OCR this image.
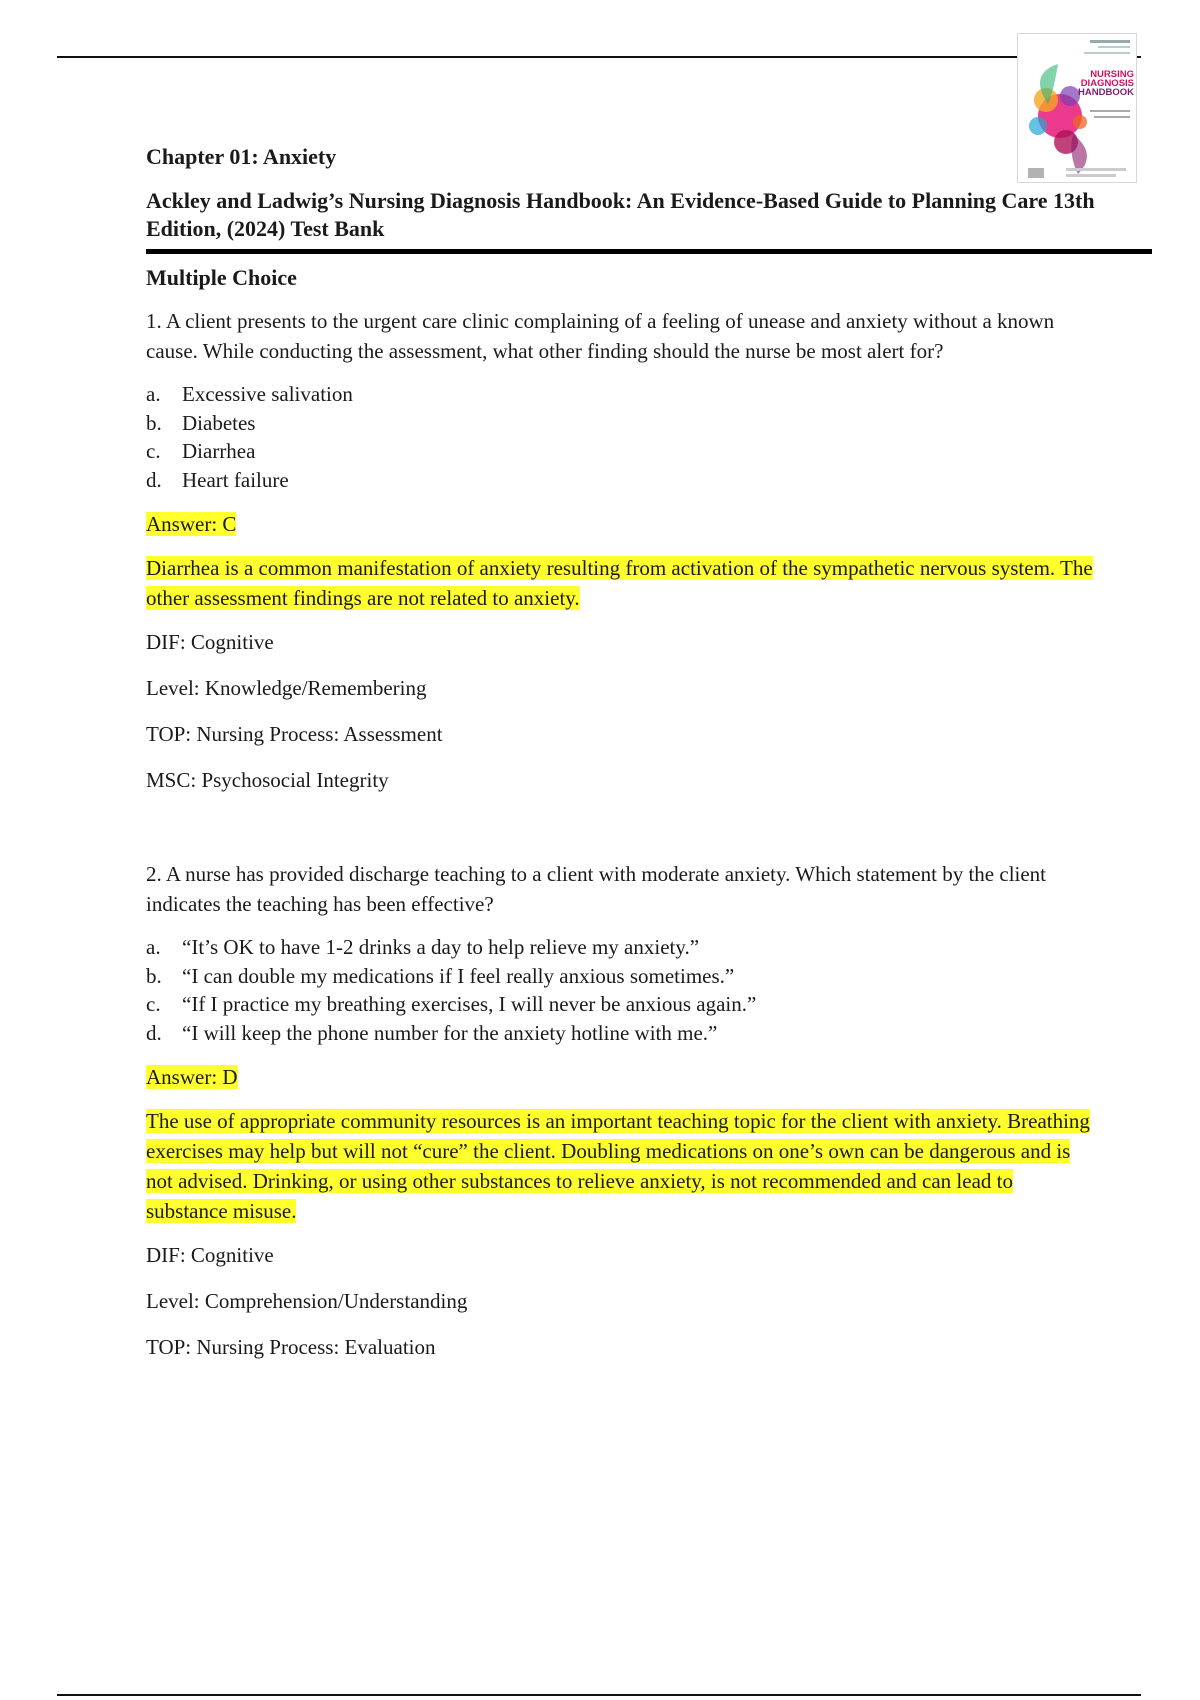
NURSING
DIAGNOSIS
HANDBOOK

Chapter 01: Anxiety

Ackley and Ladwig’s Nursing Diagnosis Handbook: An Evidence-Based Guide to Planning Care 13th Edition, (2024) Test Bank

Multiple Choice

1. A client presents to the urgent care clinic complaining of a feeling of unease and anxiety without a known cause. While conducting the assessment, what other finding should the nurse be most alert for?

a.	Excessive salivation
b. Diabetes
c.	Diarrhea
d. Heart failure

Answer: C

Diarrhea is a common manifestation of anxiety resulting from activation of the sympathetic nervous system. The other assessment findings are not related to anxiety.

DIF: Cognitive

Level: Knowledge/Remembering

TOP: Nursing Process: Assessment

MSC: Psychosocial Integrity

2. A nurse has provided discharge teaching to a client with moderate anxiety. Which statement by the client indicates the teaching has been effective?

a.	“It’s OK to have 1-2 drinks a day to help relieve my anxiety.”
b. “I can double my medications if I feel really anxious sometimes.”
c.	“If I practice my breathing exercises, I will never be anxious again.”
d. “I will keep the phone number for the anxiety hotline with me.”

Answer: D

The use of appropriate community resources is an important teaching topic for the client with anxiety. Breathing exercises may help but will not “cure” the client. Doubling medications on one’s own can be dangerous and is not advised. Drinking, or using other substances to relieve anxiety, is not recommended and can lead to substance misuse.

DIF: Cognitive

Level: Comprehension/Understanding

TOP: Nursing Process: Evaluation
